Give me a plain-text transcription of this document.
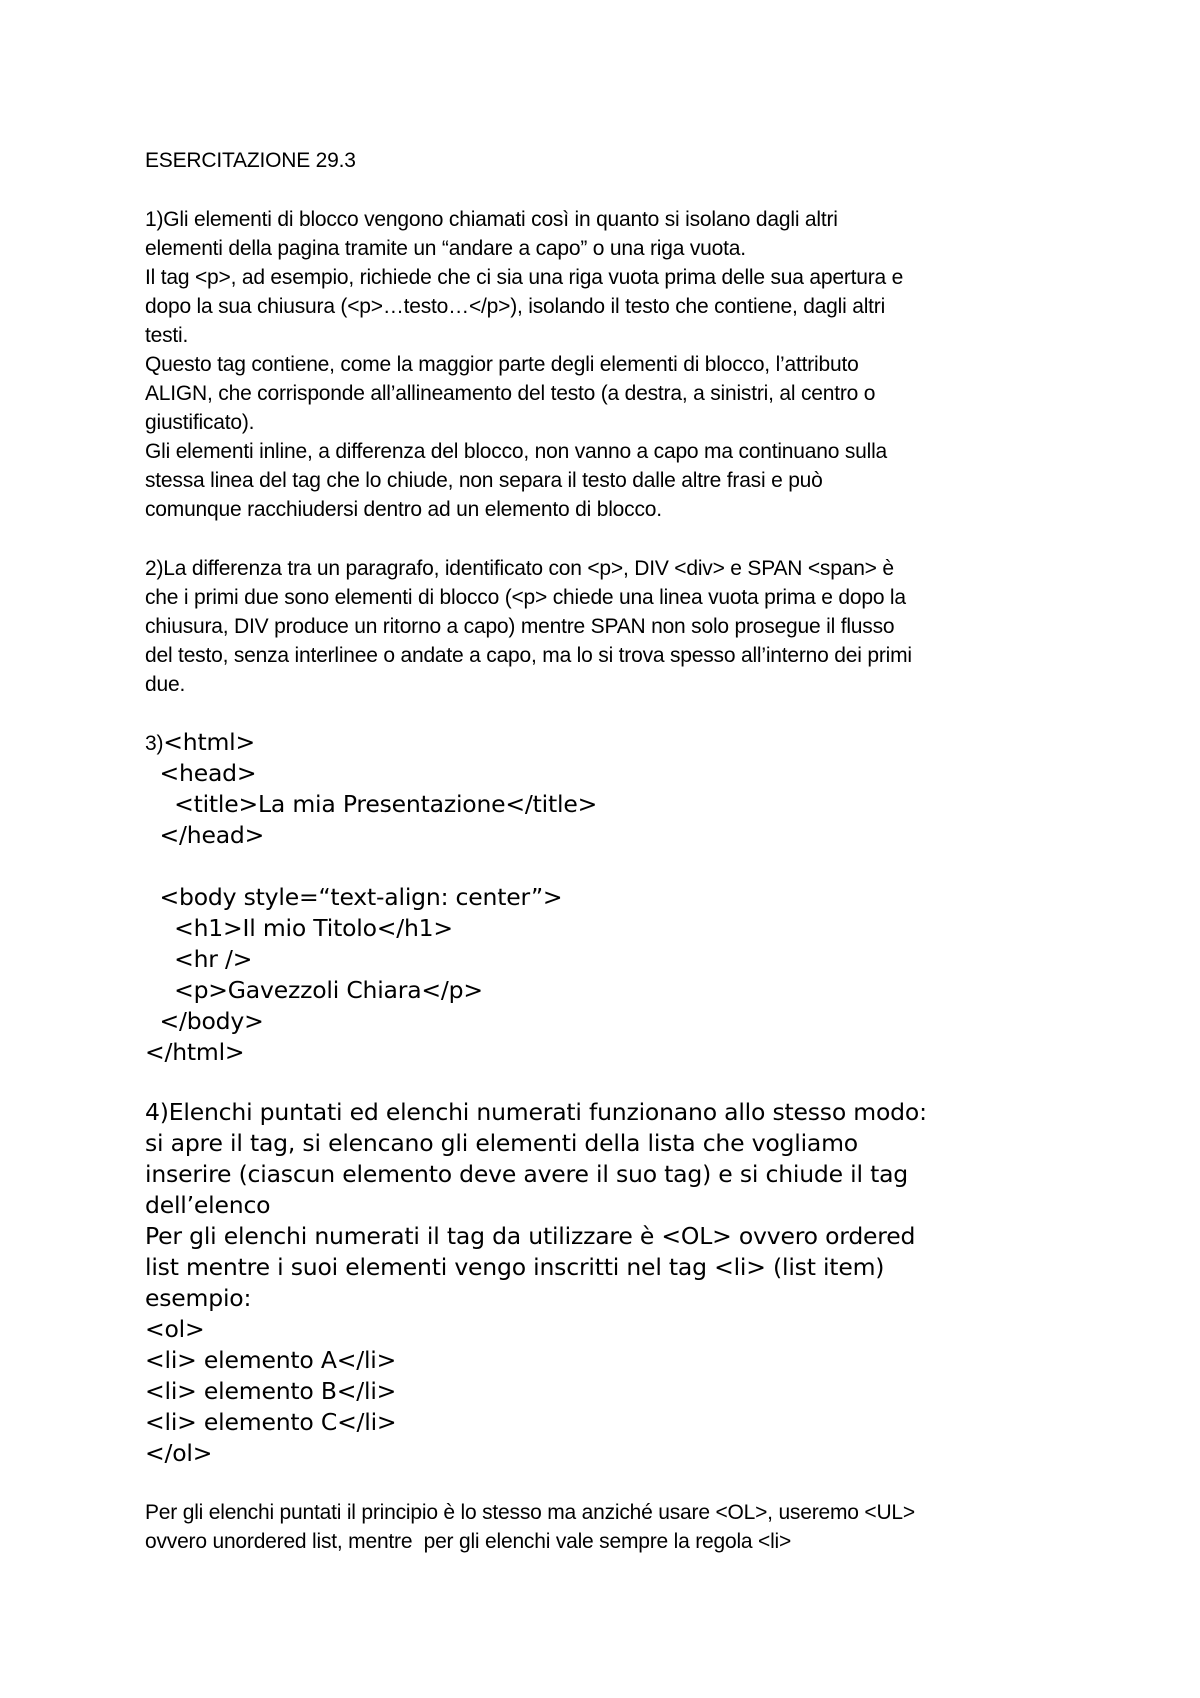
ESERCITAZIONE 29.3
1)Gli elementi di blocco vengono chiamati così in quanto si isolano dagli altri
elementi della pagina tramite un “andare a capo” o una riga vuota.
Il tag <p>, ad esempio, richiede che ci sia una riga vuota prima delle sua apertura e
dopo la sua chiusura (<p>…testo…</p>), isolando il testo che contiene, dagli altri
testi.
Questo tag contiene, come la maggior parte degli elementi di blocco, l’attributo
ALIGN, che corrisponde all’allineamento del testo (a destra, a sinistri, al centro o
giustificato).
Gli elementi inline, a differenza del blocco, non vanno a capo ma continuano sulla
stessa linea del tag che lo chiude, non separa il testo dalle altre frasi e può
comunque racchiudersi dentro ad un elemento di blocco.
2)La differenza tra un paragrafo, identificato con <p>, DIV <div> e SPAN <span> è
che i primi due sono elementi di blocco (<p> chiede una linea vuota prima e dopo la
chiusura, DIV produce un ritorno a capo) mentre SPAN non solo prosegue il flusso
del testo, senza interlinee o andate a capo, ma lo si trova spesso all’interno dei primi
due.
3)<html>
<head>
<title>La mia Presentazione</title>
</head>
<body style=“text-align: center”>
<h1>Il mio Titolo</h1>
<hr />
<p>Gavezzoli Chiara</p>
</body>
</html>
4)Elenchi puntati ed elenchi numerati funzionano allo stesso modo:
si apre il tag, si elencano gli elementi della lista che vogliamo
inserire (ciascun elemento deve avere il suo tag) e si chiude il tag
dell’elenco
Per gli elenchi numerati il tag da utilizzare è <OL> ovvero ordered
list mentre i suoi elementi vengo inscritti nel tag <li> (list item)
esempio:
<ol>
<li> elemento A</li>
<li> elemento B</li>
<li> elemento C</li>
</ol>
Per gli elenchi puntati il principio è lo stesso ma anziché usare <OL>, useremo <UL>
ovvero unordered list, mentre  per gli elenchi vale sempre la regola <li>
